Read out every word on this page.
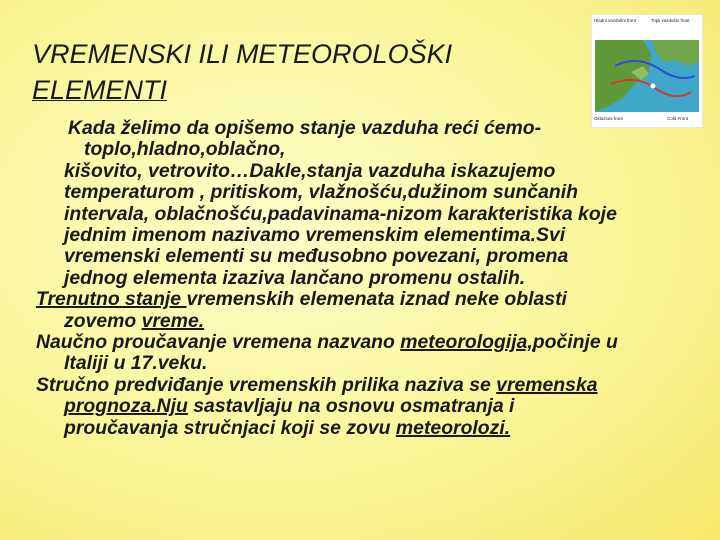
VREMENSKI ILI METEOROLOŠKI
ELEMENTI
Hladni vazdušni front	Topli vazdušni front
Okluzioni front	Cold Front

Kada želimo da opišemo stanje vazduha reći ćemo-toplo,hladno,oblačno,

kišovito, vetrovito…Dakle,stanja vazduha iskazujemo temperaturom , pritiskom, vlažnošću,dužinom sunčanih intervala, oblačnošću,padavinama-nizom karakteristika koje jednim imenom nazivamo vremenskim elementima.Svi vremenski elementi su međusobno povezani, promena jednog elementa izaziva lančano promenu ostalih.

Trenutno stanje vremenskih elemenata iznad neke oblasti zovemo vreme.

Naučno proučavanje vremena nazvano meteorologija,počinje u Italiji u 17.veku.

Stručno predviđanje vremenskih prilika naziva se vremenska prognoza.Nju sastavljaju na osnovu osmatranja i proučavanja stručnjaci koji se zovu meteorolozi.
